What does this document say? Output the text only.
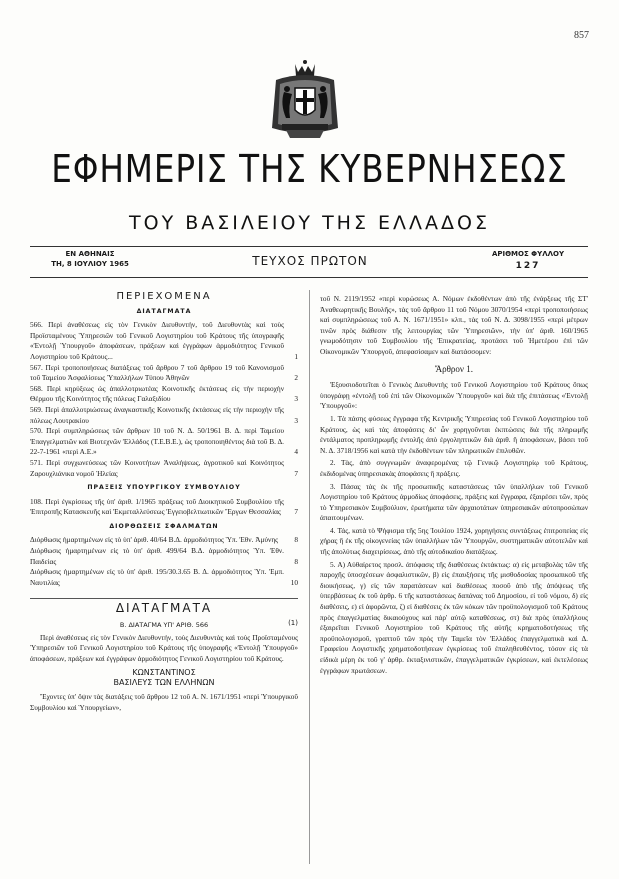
857
ΕΦΗΜΕΡΙΣ ΤΗΣ ΚΥΒΕΡΝΗΣΕΩΣ
ΤΟΥ ΒΑΣΙΛΕΙΟΥ ΤΗΣ ΕΛΛΑΔΟΣ
ΕΝ ΑΘΗΝΑΙΣ
ΤΗ, 8 ΙΟΥΛΙΟΥ 1965	ΤΕΥΧΟΣ ΠΡΩΤΟΝ	ΑΡΙΘΜΟΣ ΦΥΛΛΟΥ
127
ΠΕΡΙΕΧΟΜΕΝΑ
ΔΙΑΤΑΓΜΑΤΑ
566. Περὶ ἀναθέσεως εἰς τὸν Γενικὸν Διευθυντήν, τοῦ Διευθυντὰς καὶ τοὺς Προϊσταμένους Ὑπηρεσιῶν τοῦ Γενικοῦ Λογιστηρίου τοῦ Κράτους τῆς ὑπογραφῆς «Ἐντολῇ Ὑπουργοῦ» ἀποφάσεων, πράξεων καὶ ἐγγράφων ἁρμοδιότητος Γενικοῦ Λογιστηρίου τοῦ Κράτους...	1
567. Περὶ τροποποιήσεως διατάξεως τοῦ ἄρθρου 7 τοῦ ἄρθρου 19 τοῦ Κανονισμοῦ τοῦ Ταμείου Ἀσφαλίσεως Ὑπαλλήλων Τύπου Ἀθηνῶν	2
568. Περὶ κηρύξεως ὡς ἀπαλλοτριωτέας Κοινοτικῆς ἐκτάσεως εἰς τὴν περιοχὴν Θέρμου τῆς Κοινότητος τῆς πόλεως Γαλαξιδίου	3
569. Περὶ ἀπαλλοτριώσεως ἀναγκαστικῆς Κοινοτικῆς ἐκτάσεως εἰς τὴν περιοχὴν τῆς πόλεως Λουτρακίου	3
570. Περὶ συμπληρώσεως τῶν ἄρθρων 10 τοῦ Ν. Δ. 50/1961 Β. Δ. περὶ Ταμείου Ἐπαγγελματιῶν καὶ Βιοτεχνῶν Ἐλλάδος (Τ.Ε.Β.Ε.), ὡς τροποποιηθέντος διὰ τοῦ Β. Δ. 22-7-1961 «περὶ Α.Ε.»	4
571. Περὶ συγχωνεύσεως τῶν Κοινοτήτων Ἀναλήψεως, ἀγροτικοῦ καὶ Κοινότητος Ζαρουχλιάνικα νομοῦ Ἠλείας	7
ΠΡΑΞΕΙΣ ΥΠΟΥΡΓΙΚΟΥ ΣΥΜΒΟΥΛΙΟΥ
108. Περὶ ἐγκρίσεως τῆς ὑπ' ἀριθ. 1/1965 πράξεως τοῦ Διοικητικοῦ Συμβουλίου τῆς Ἐπιτροπῆς Κατασκευῆς καὶ Ἐκμεταλλεύσεως Ἐγγειοβελτιωτικῶν Ἔργων Θεσσαλίας	7
ΔΙΟΡΘΩΣΕΙΣ ΣΦΑΛΜΑΤΩΝ
Διόρθωσις ἡμαρτημένων εἰς τὸ ὑπ' ἀριθ. 40/64 Β.Δ. ἁρμοδιότητος Ὑπ. Ἐθν. Ἀμύνης	8
Διόρθωσις ἡμαρτημένων εἰς τὸ ὑπ' ἀριθ. 499/64 Β.Δ. ἁρμοδιότητος Ὑπ. Ἐθν. Παιδείας	8
Διόρθωσις ἡμαρτημένων εἰς τὸ ὑπ' ἀριθ. 195/30.3.65 Β. Δ. ἁρμοδιότητος Ὑπ. Ἐμπ. Ναυτιλίας	10
ΔΙΑΤΑΓΜΑΤΑ
Β. ΔΙΑΤΑΓΜΑ ΥΠ' ΑΡΙΘ. 566	(1)
Περὶ ἀναθέσεως εἰς τὸν Γενικὸν Διευθυντήν, τοὺς Διευθυντὰς καὶ τοὺς Προϊσταμένους Ὑπηρεσιῶν τοῦ Γενικοῦ Λογιστηρίου τοῦ Κράτους τῆς ὑπογραφῆς «Ἐντολῇ Ὑπουργοῦ» ἀποφάσεων, πράξεων καὶ ἐγγράφων ἁρμοδιότητος Γενικοῦ Λογιστηρίου τοῦ Κράτους.
ΚΩΝΣΤΑΝΤΙΝΟΣ
ΒΑΣΙΛΕΥΣ ΤΩΝ ΕΛΛΗΝΩΝ
Ἔχοντες ὑπ' ὄψιν τὰς διατάξεις τοῦ ἄρθρου 12 τοῦ Α. Ν. 1671/1951 «περὶ Ὑπουργικοῦ Συμβουλίου καὶ Ὑπουργείων»,
τοῦ Ν. 2119/1952 «περὶ κυρώσεως Α. Νόμων ἐκδοθέντων ἀπὸ τῆς ἐνάρξεως τῆς ΣΤ' Ἀναθεωρητικῆς Βουλῆς», τὰς τοῦ ἄρθρου 11 τοῦ Νόμου 3070/1954 «περὶ τροποποιήσεως καὶ συμπληρώσεως τοῦ Α. Ν. 1671/1951» κλπ., τὰς τοῦ Ν. Δ. 3098/1955 «περὶ μέτρων τινῶν πρὸς διάθεσιν τῆς λειτουργίας τῶν Ὑπηρεσιῶν», τὴν ὑπ' ἀριθ. 160/1965 γνωμοδότησιν τοῦ Συμβουλίου τῆς Ἐπικρατείας, προτάσει τοῦ Ἡμετέρου ἐπὶ τῶν Οἰκονομικῶν Ὑπουργοῦ, ἀπεφασίσαμεν καὶ διατάσσομεν:
Ἄρθρον 1.
Ἐξουσιοδοτεῖται ὁ Γενικὸς Διευθυντὴς τοῦ Γενικοῦ Λογιστηρίου τοῦ Κράτους ὅπως ὑπογράφῃ «ἐντολῇ τοῦ ἐπὶ τῶν Οἰκονομικῶν Ὑπουργοῦ» καὶ διὰ τῆς ἐπιτάσεως «Ἐντολῇ Ὑπουργοῦ»:
1. Τὰ πάσης φύσεως ἔγγραφα τῆς Κεντρικῆς Ὑπηρεσίας τοῦ Γενικοῦ Λογιστηρίου τοῦ Κράτους, ὡς καὶ τὰς ἀποφάσεις δι' ὧν χορηγοῦνται ἐκπτώσεις διὰ τῆς πληρωμῆς ἐντάλματος προπληρωμῆς ἐντολῆς ἀπὸ ἐργοληπτικῶν διὰ ἀριθ. ἢ ἀποφάσεων, βάσει τοῦ Ν. Δ. 3718/1956 καὶ κατὰ τὴν ἐκδοθέντων τῶν πληρωτικῶν ἐπιλυθῶν.
2. Τὰς, ἀπὸ συγγνωμῶν ἀναφερομένας τῷ Γενικῷ Λογιστηρίῳ τοῦ Κράτους, ἐκδιδομένας ὑπηρεσιακὰς ἀποφάσεις ἢ πράξεις.
3. Πάσας τὰς ἐκ τῆς προσωπικῆς καταστάσεως τῶν ὑπαλλήλων τοῦ Γενικοῦ Λογιστηρίου τοῦ Κράτους ἀρμοδίως ἀποφάσεις, πράξεις καὶ ἔγγραφα, ἐξαιρέσει τῶν, πρὸς τὸ Υπηρεσιακὸν Συμβούλιον, ἐρωτήματα τῶν ἀρχαιοτάτων ὑπηρεσιακῶν αὐτοπροσώπων ἀπαιτουμένων.
4. Τάς, κατὰ τὸ Ψήφισμα τῆς 5ης Ἰουλίου 1924, χορηγήσεις συντάξεως ἐπιτροπείας εἰς χήρας ἢ ἐκ τῆς οἰκογενείας τῶν ὑπαλλήλων τῶν Ὑπουργῶν, συστηματικῶν αὐτοτελῶν καὶ τῆς ἀπολύτως διαχειρίσεως, ἀπὸ τῆς αὐτοδικαίου διατάξεως.
5. Α) Αὐθαίρετος προσλ. ἀπόφασις τῆς διαθέσεως ἐκτάκτως: α) εἰς μεταβολὰς τῶν τῆς παροχῆς ὑποσχέσεων ἀσφαλιστικῶν, β) εἰς ἐπαυξήσεις τῆς μισθοδοσίας προσωπικοῦ τῆς διοικήσεως, γ) εἰς τῶν παρατάσεων καὶ διαθέσεως ποσοῦ ἀπὸ τῆς ἀπόψεως τῆς ὑπερβάσεως ἐκ τοῦ ἀρθρ. 6 τῆς καταστάσεως δαπάνας τοῦ Δημοσίου, εἰ τοῦ νόμου, δ) εἰς διαθέσεις, ε) εἰ ἀφορῶντα, ζ) εἰ διαθέσεις ἐκ τῶν κόκων τῶν προϋπολογισμοῦ τοῦ Κράτους πρὸς ἐπαγγελματίας δικαιούχους καὶ πάρ' αὐτῷ καταθέσεως, στ) διὰ πρὸς ὑπαλλήλους ἐξαιρεῖται Γενικοῦ Λογιστηρίου τοῦ Κράτους τῆς αὐτῆς κρηματοδοτήσεως τῆς προϋπολογισμοῦ, γραπτοῦ τῶν πρὸς τὴν Ταμεῖα τὸν Ἑλλάδος ἐπαγγελματικὰ καὶ Δ. Γραφείου Λογιστικῆς χρηματοδοτήσεων ἐγκρίσεως τοῦ ἐπαληθευθέντος, τόσον εἰς τὰ εἰδικὰ μέρη ἐκ τοῦ γ' ἀρθρ. ἐκταξινιστικῶν, ἐπαγγελματικῶν ἐγκρίσεων, καὶ ἐκτελέσεως ἐγγράφων πρωτάσεων.
